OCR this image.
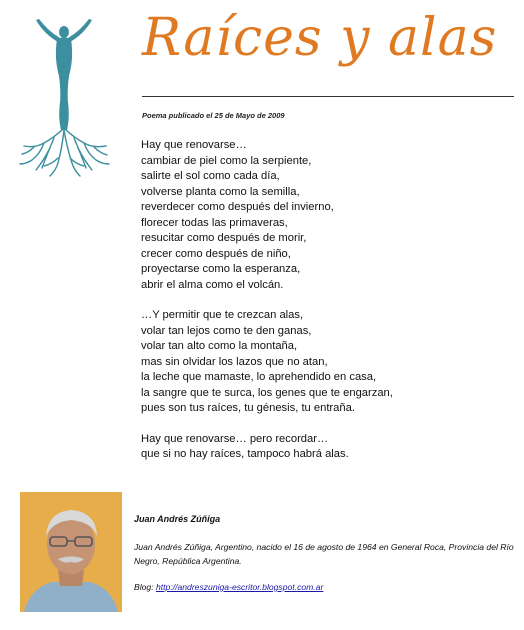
Raíces y alas
Poema publicado el 25 de Mayo de 2009
Hay que renovarse…
cambiar de piel como la serpiente,
salirte el sol como cada día,
volverse planta como la semilla,
reverdecer como después del invierno,
florecer todas las primaveras,
resucitar como después de morir,
crecer como después de niño,
proyectarse como la esperanza,
abrir el alma como el volcán.
…Y permitir que te crezcan alas,
volar tan lejos como te den ganas,
volar tan alto como la montaña,
mas sin olvidar los lazos que no atan,
la leche que mamaste, lo aprehendido en casa,
la sangre que te surca, los genes que te engarzan,
pues son tus raíces, tu génesis, tu entraña.
Hay que renovarse… pero recordar…
que si no hay raíces, tampoco habrá alas.
Juan Andrés Zúñiga
Juan Andrés Zúñiga, Argentino, nacido el 16 de agosto de 1964 en General Roca, Provincia del Río Negro, República Argentina.
Blog: http://andreszuniga-escritor.blogspot.com.ar
